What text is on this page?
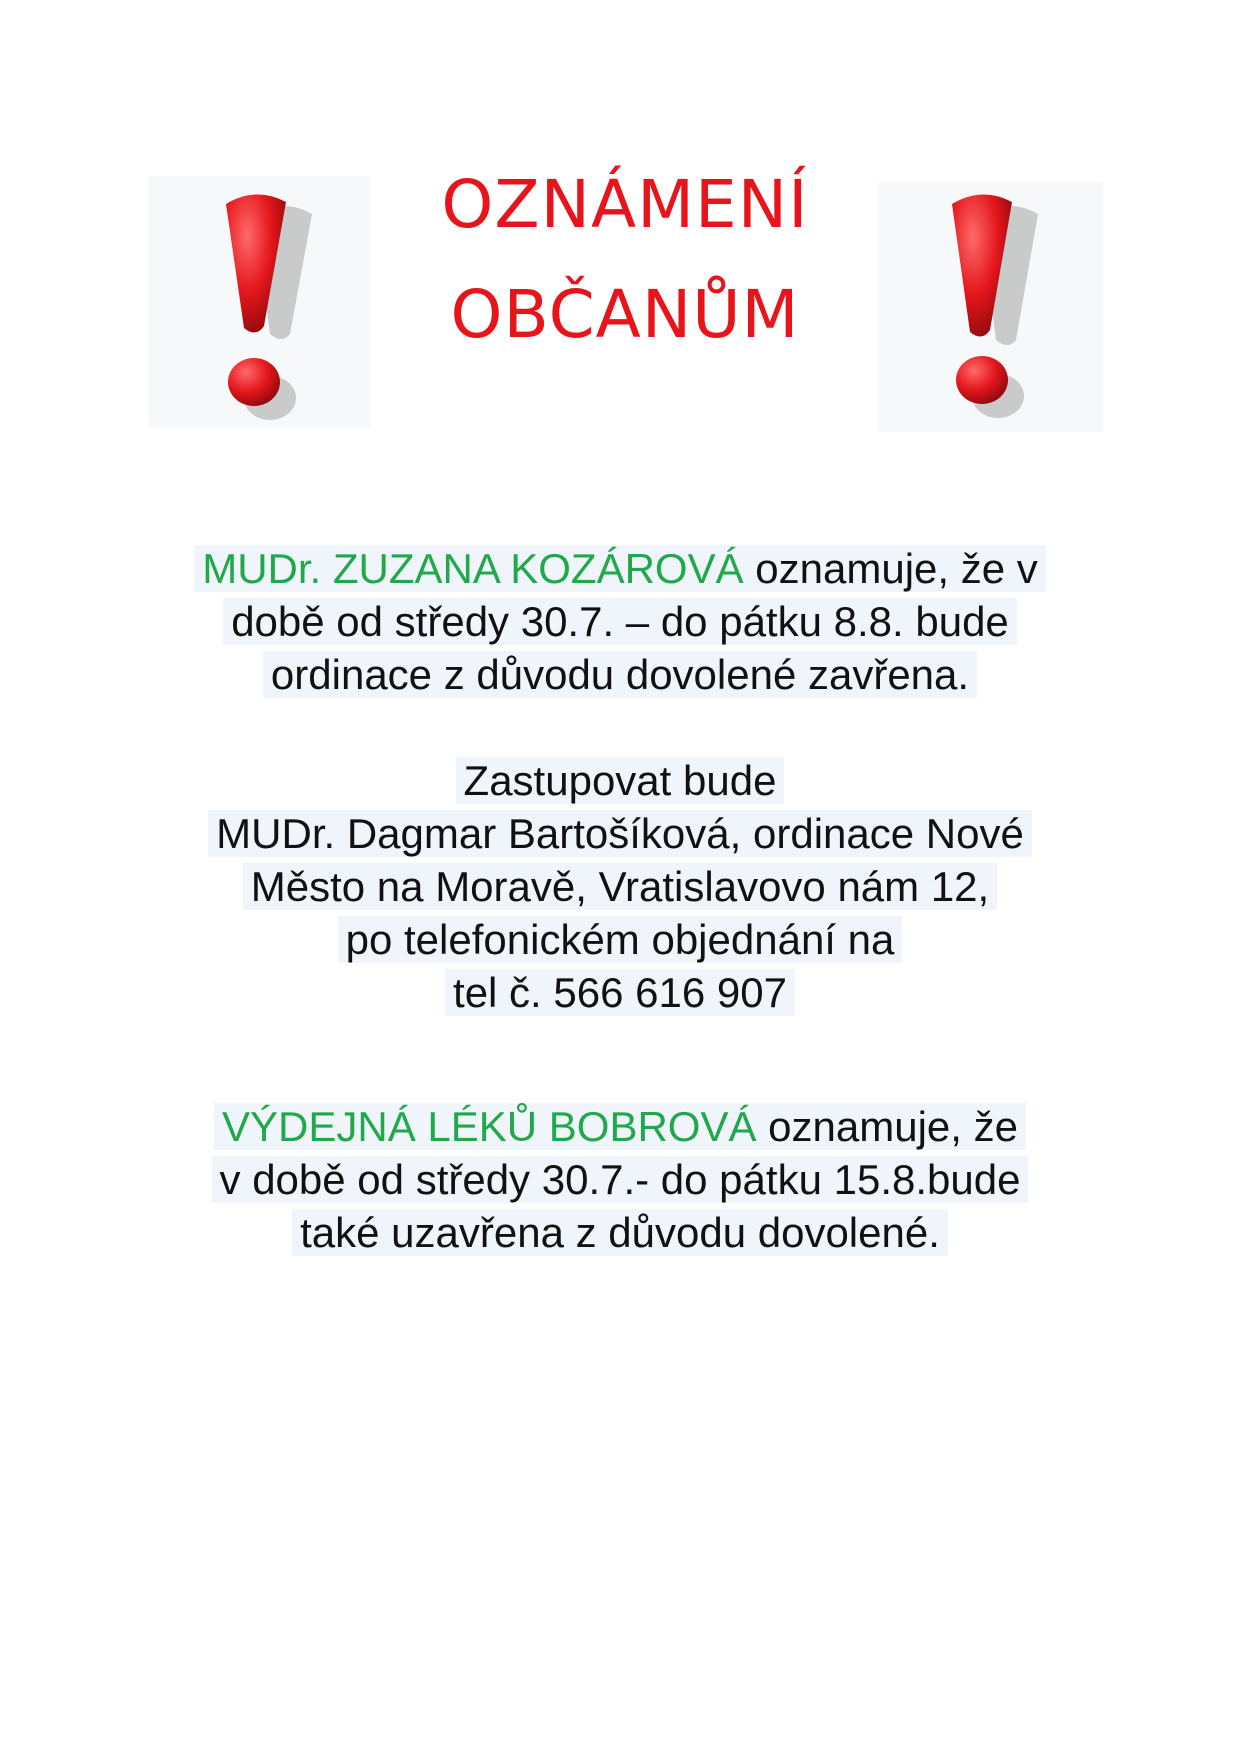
OZNÁMENÍ
OBČANŮM
MUDr. ZUZANA KOZÁROVÁ oznamuje, že v
době od středy 30.7. – do pátku 8.8. bude
ordinace z důvodu dovolené zavřena.
Zastupovat bude
MUDr. Dagmar Bartošíková, ordinace Nové
Město na Moravě, Vratislavovo nám 12,
po telefonickém objednání na
tel č. 566 616 907
VÝDEJNÁ LÉKŮ BOBROVÁ oznamuje, že
v době od středy 30.7.- do pátku 15.8.bude
také uzavřena z důvodu dovolené.
